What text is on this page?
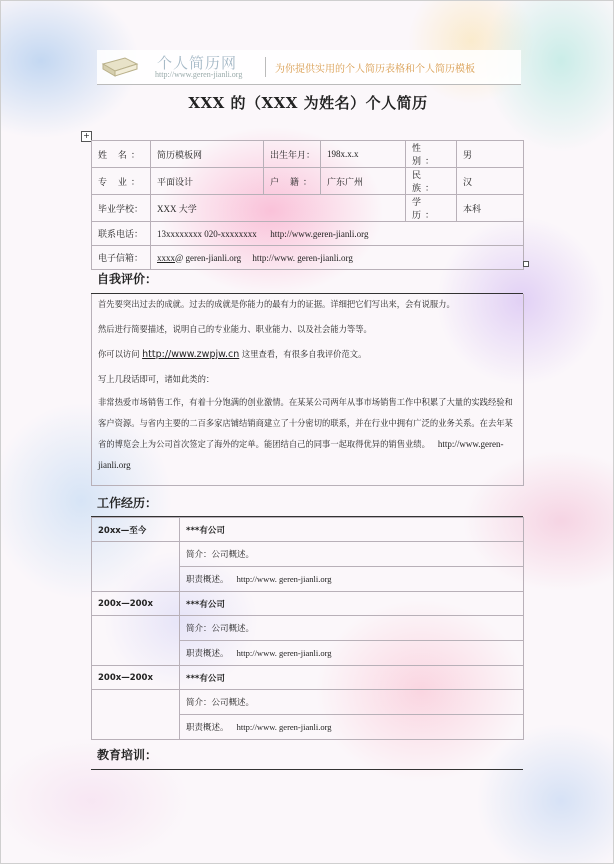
个人简历网
http://www.geren-jianli.org	为你提供实用的个人简历表格和个人简历模板
XXX 的（XXX 为姓名）个人简历
+
姓 名：	简历模板网	出生年月：	198x.x.x	性 别：	男
专 业：	平面设计	户 籍：	广东广州	民 族：	汉
毕业学校：	XXX 大学			学 历：	本科
联系电话：	13xxxxxxxx 020-xxxxxxxx http://www.geren-jianli.org				
电子信箱：	xxxx@ geren-jianli.org http://www. geren-jianli.org				
自我评价：

首先要突出过去的成就。过去的成就是你能力的最有力的证据。详细把它们写出来，会有说服力。

然后进行简要描述，说明自己的专业能力、职业能力、以及社会能力等等。

你可以访问 http://www.zwpjw.cn 这里查看，有很多自我评价范文。

写上几段话即可，诸如此类的：

非常热爱市场销售工作，有着十分饱满的创业激情。在某某公司两年从事市场销售工作中积累了大量的实践经验和客户资源。与省内主要的二百多家店铺结销商建立了十分密切的联系，并在行业中拥有广泛的业务关系。在去年某省的博览会上为公司首次签定了海外的定单。能团结自己的同事一起取得优异的销售业绩。 http://www.geren-jianli.org

工作经历：
20xx—至今	***有公司
	简介：公司概述。
	职责概述。 http://www. geren-jianli.org
200x—200x	***有公司
	简介：公司概述。
	职责概述。 http://www. geren-jianli.org
200x—200x	***有公司
	简介：公司概述。
	职责概述。 http://www. geren-jianli.org
教育培训：
